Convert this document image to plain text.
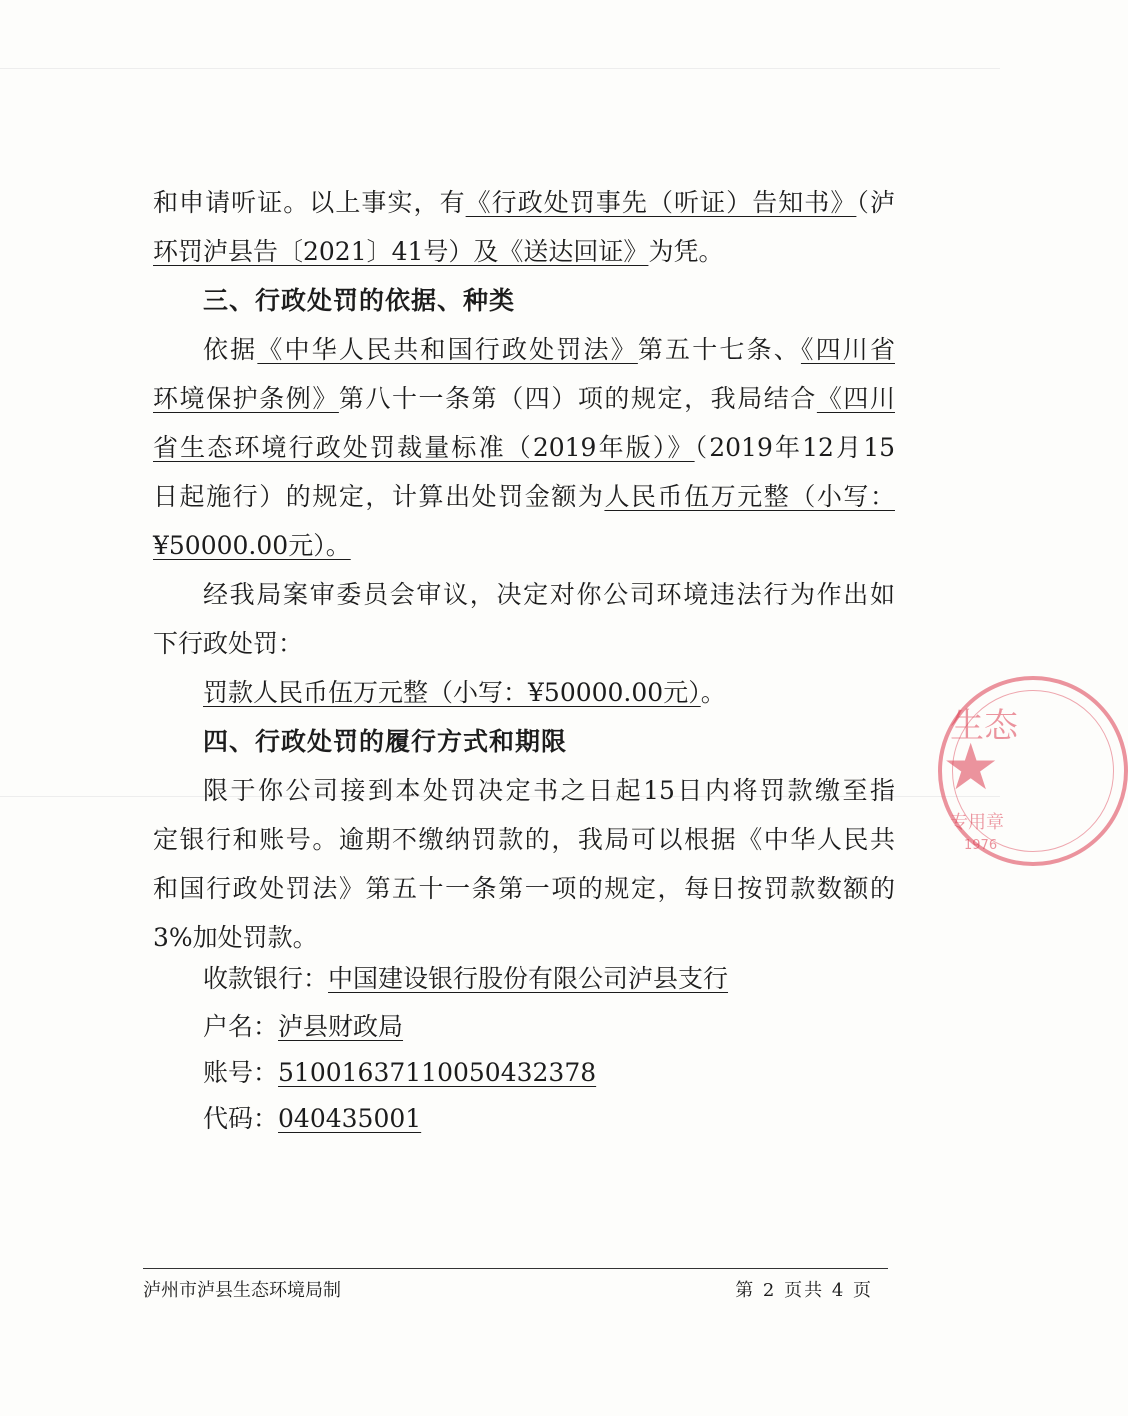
和申请听证。以上事实，有《行政处罚事先（听证）告知书》（泸
环罚泸县告〔2021〕41号）及《送达回证》为凭。
三、行政处罚的依据、种类
依据《中华人民共和国行政处罚法》第五十七条、《四川省
环境保护条例》第八十一条第（四）项的规定，我局结合《四川
省生态环境行政处罚裁量标准（2019年版）》（2019年12月15
日起施行）的规定，计算出处罚金额为人民币伍万元整（小写：
¥50000.00元）。
经我局案审委员会审议，决定对你公司环境违法行为作出如
下行政处罚：
罚款人民币伍万元整（小写：¥50000.00元）。
四、行政处罚的履行方式和期限
限于你公司接到本处罚决定书之日起15日内将罚款缴至指
定银行和账号。逾期不缴纳罚款的，我局可以根据《中华人民共
和国行政处罚法》第五十一条第一项的规定，每日按罚款数额的
3%加处罚款。
收款银行：中国建设银行股份有限公司泸县支行
户名：泸县财政局
账号：51001637110050432378
代码：040435001
泸州市泸县生态环境局制	第 2 页共 4 页
生态
★
专用章
1976
